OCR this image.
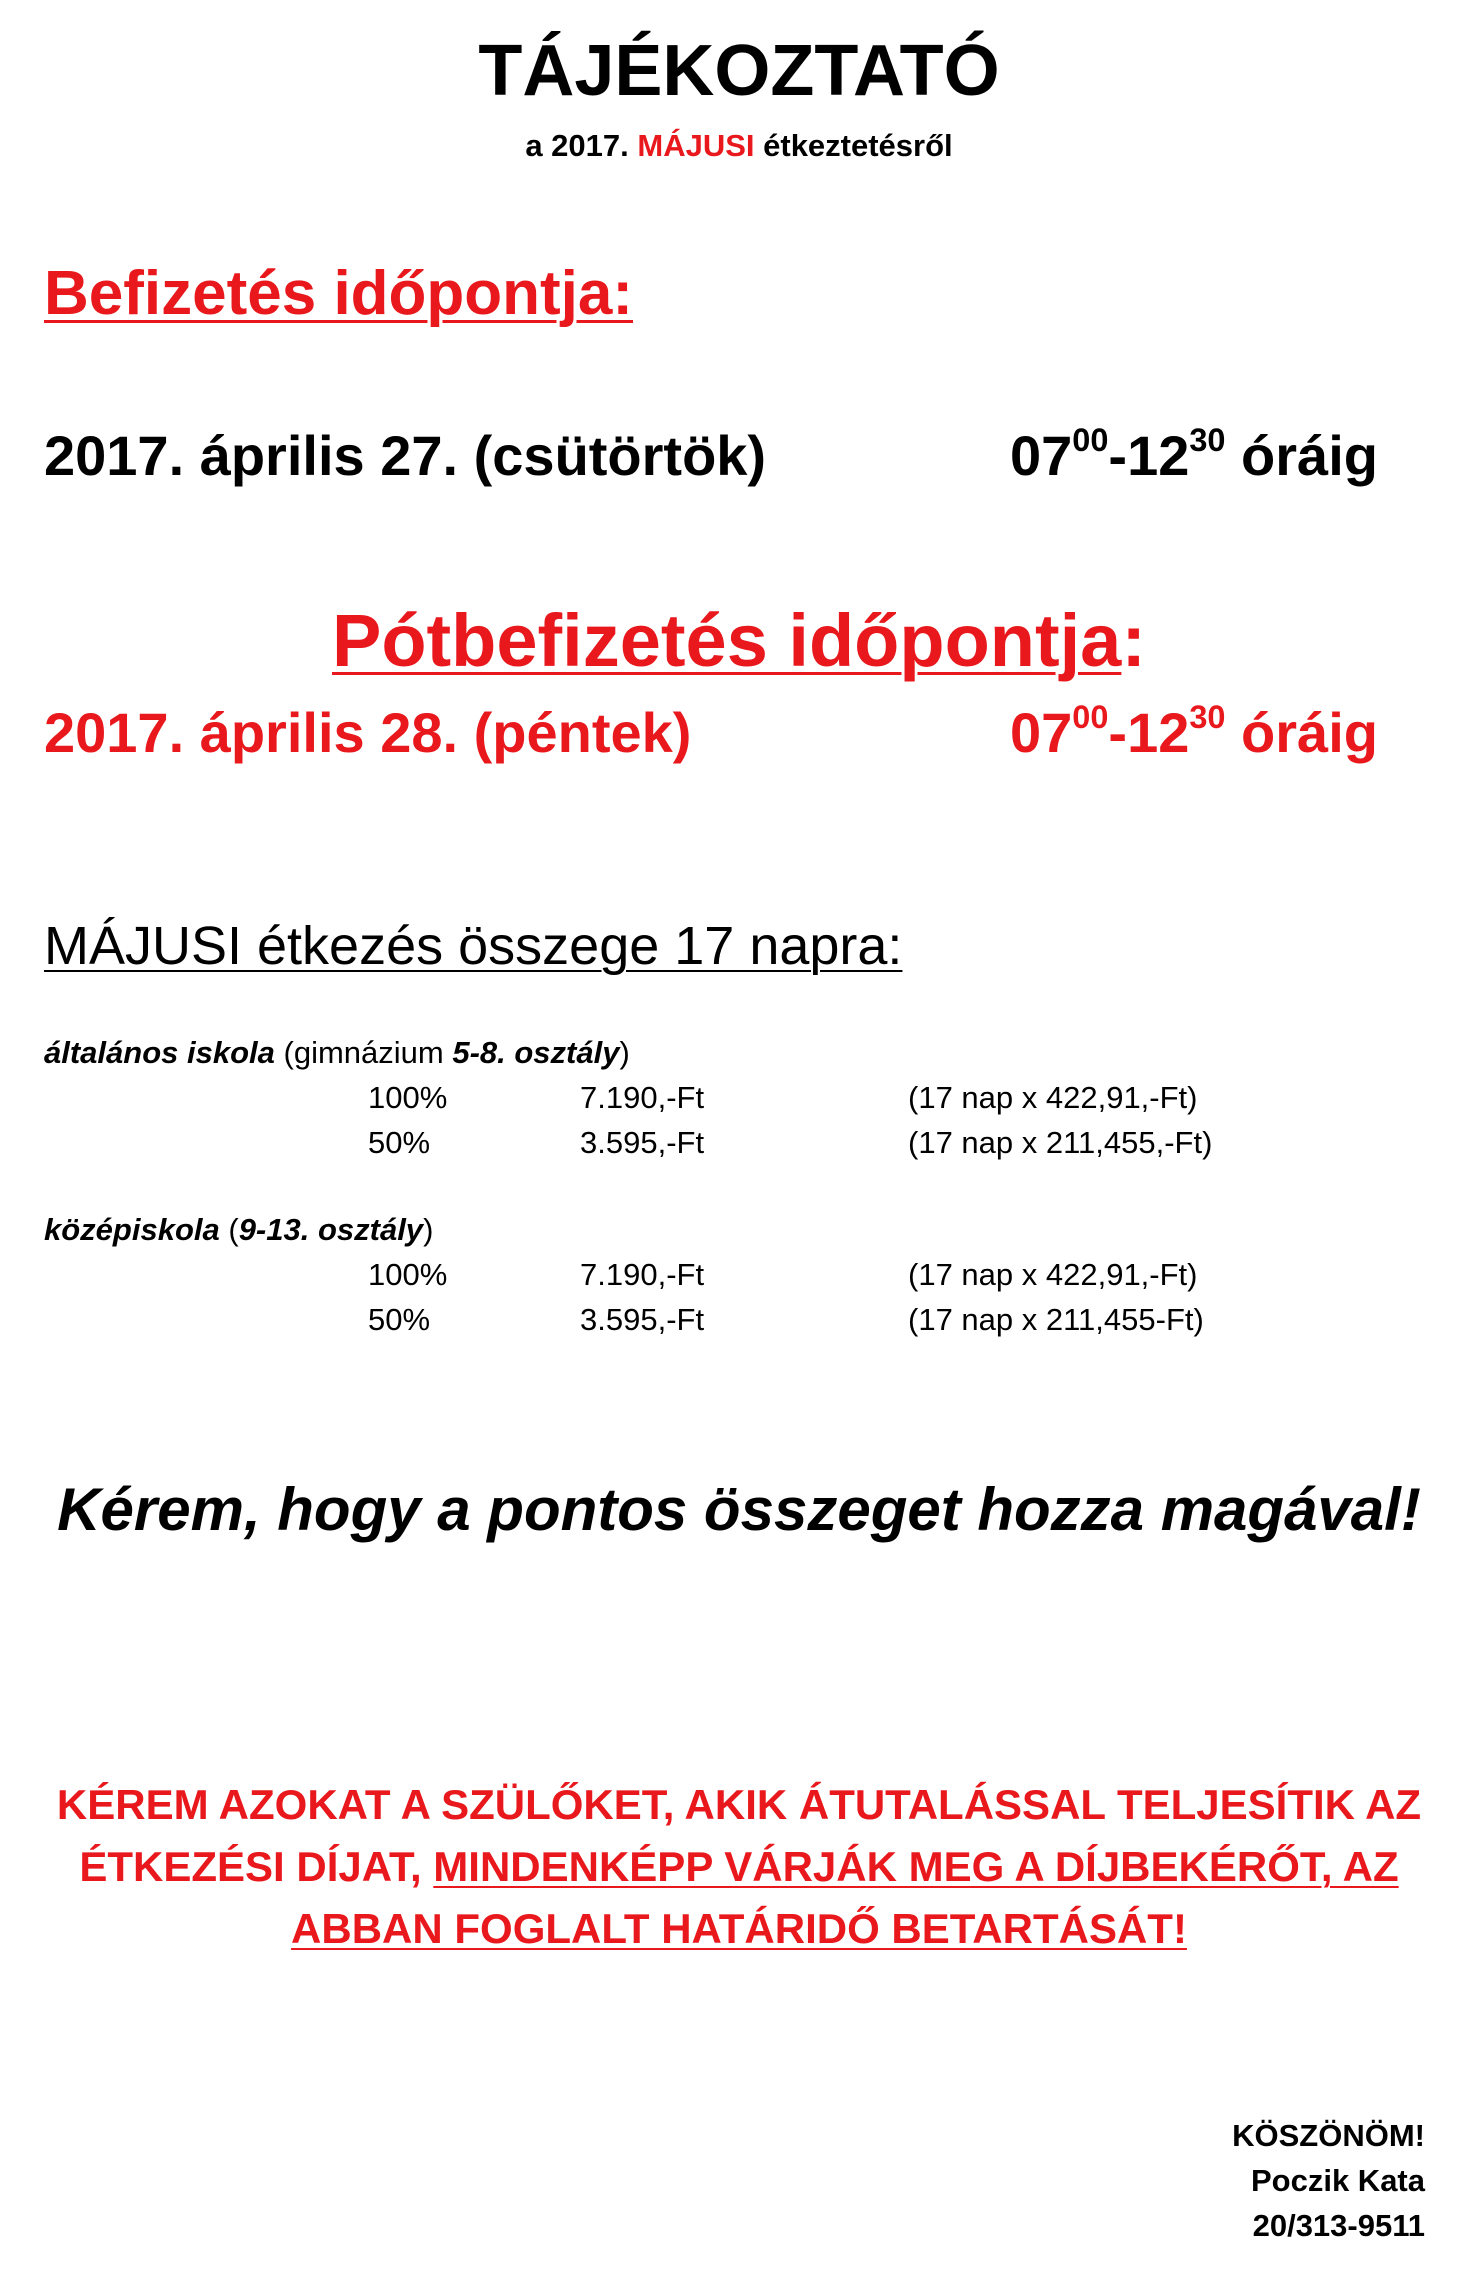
TÁJÉKOZTATÓ
a 2017. MÁJUSI étkeztetésről
Befizetés időpontja:
2017. április 27. (csütörtök)	$07^{00}-12^{30}$ óráig
Pótbefizetés időpontja:
2017. április 28. (péntek)	$07^{00}-12^{30}$ óráig
MÁJUSI étkezés összege 17 napra:
általános iskola (gimnázium 5-8. osztály)
100%	7.190,-Ft	(17 nap x 422,91,-Ft)
50%	3.595,-Ft	(17 nap x 211,455,-Ft)
középiskola (9-13. osztály)
100%	7.190,-Ft	(17 nap x 422,91,-Ft)
50%	3.595,-Ft	(17 nap x 211,455-Ft)
Kérem, hogy a pontos összeget hozza magával!
KÉREM AZOKAT A SZÜLŐKET, AKIK ÁTUTALÁSSAL TELJESÍTIK AZ ÉTKEZÉSI DÍJAT, MINDENKÉPP VÁRJÁK MEG A DÍJBEKÉRŐT, AZ ABBAN FOGLALT HATÁRIDŐ BETARTÁSÁT!
KÖSZÖNÖM!
Poczik Kata
20/313-9511
